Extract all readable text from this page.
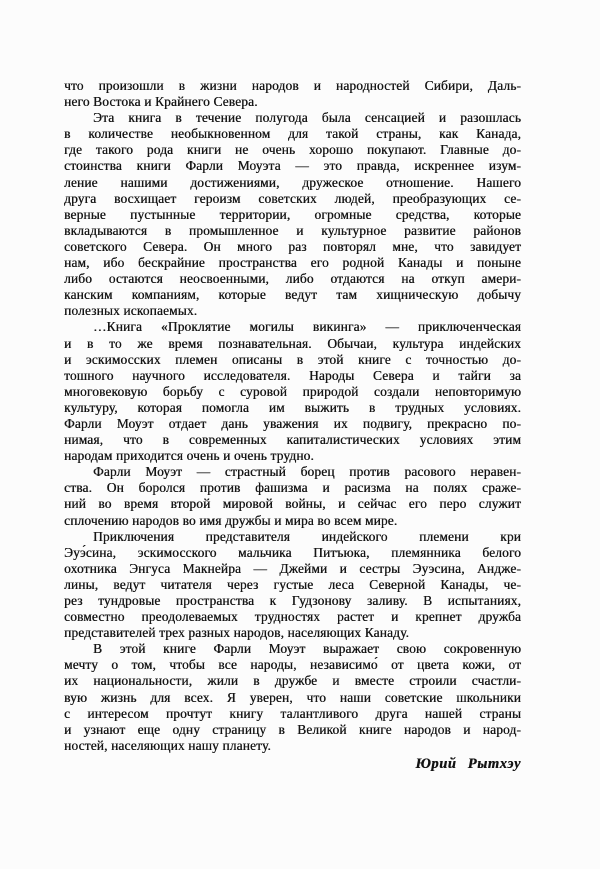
что произошли в жизни народов и народностей Сибири, Даль-
него Востока и Крайнего Севера.
Эта книга в течение полугода была сенсацией и разошлась
в количестве необыкновенном для такой страны, как Канада,
где такого рода книги не очень хорошо покупают. Главные до-
стоинства книги Фарли Моуэта — это правда, искреннее изум-
ление нашими достижениями, дружеское отношение. Нашего
друга восхищает героизм советских людей, преобразующих се-
верные пустынные территории, огромные средства, которые
вкладываются в промышленное и культурное развитие районов
советского Севера. Он много раз повторял мне, что завидует
нам, ибо бескрайние пространства его родной Канады и поныне
либо остаются неосвоенными, либо отдаются на откуп амери-
канским компаниям, которые ведут там хищническую добычу
полезных ископаемых.
…Книга «Проклятие могилы викинга» — приключенческая
и в то же время познавательная. Обычаи, культура индейских
и эскимосских племен описаны в этой книге с точностью до-
тошного научного исследователя. Народы Севера и тайги за
многовековую борьбу с суровой природой создали неповторимую
культуру, которая помогла им выжить в трудных условиях.
Фарли Моуэт отдает дань уважения их подвигу, прекрасно по-
нимая, что в современных капиталистических условиях этим
народам приходится очень и очень трудно.
Фарли Моуэт — страстный борец против расового неравен-
ства. Он боролся против фашизма и расизма на полях сраже-
ний во время второй мировой войны, и сейчас его перо служит
сплочению народов во имя дружбы и мира во всем мире.
Приключения представителя индейского племени кри
Эуэ́сина, эскимосского мальчика Питъюка, племянника белого
охотника Энгуса Макнейра — Джейми и сестры Эуэсина, Андже-
лины, ведут читателя через густые леса Северной Канады, че-
рез тундровые пространства к Гудзонову заливу. В испытаниях,
совместно преодолеваемых трудностях растет и крепнет дружба
представителей трех разных народов, населяющих Канаду.
В этой книге Фарли Моуэт выражает свою сокровенную
мечту о том, чтобы все народы, независимо́ от цвета кожи, от
их национальности, жили в дружбе и вместе строили счастли-
вую жизнь для всех. Я уверен, что наши советские школьники
с интересом прочтут книгу талантливого друга нашей страны
и узнают еще одну страницу в Великой книге народов и народ-
ностей, населяющих нашу планету.
Юрий Рытхэу
